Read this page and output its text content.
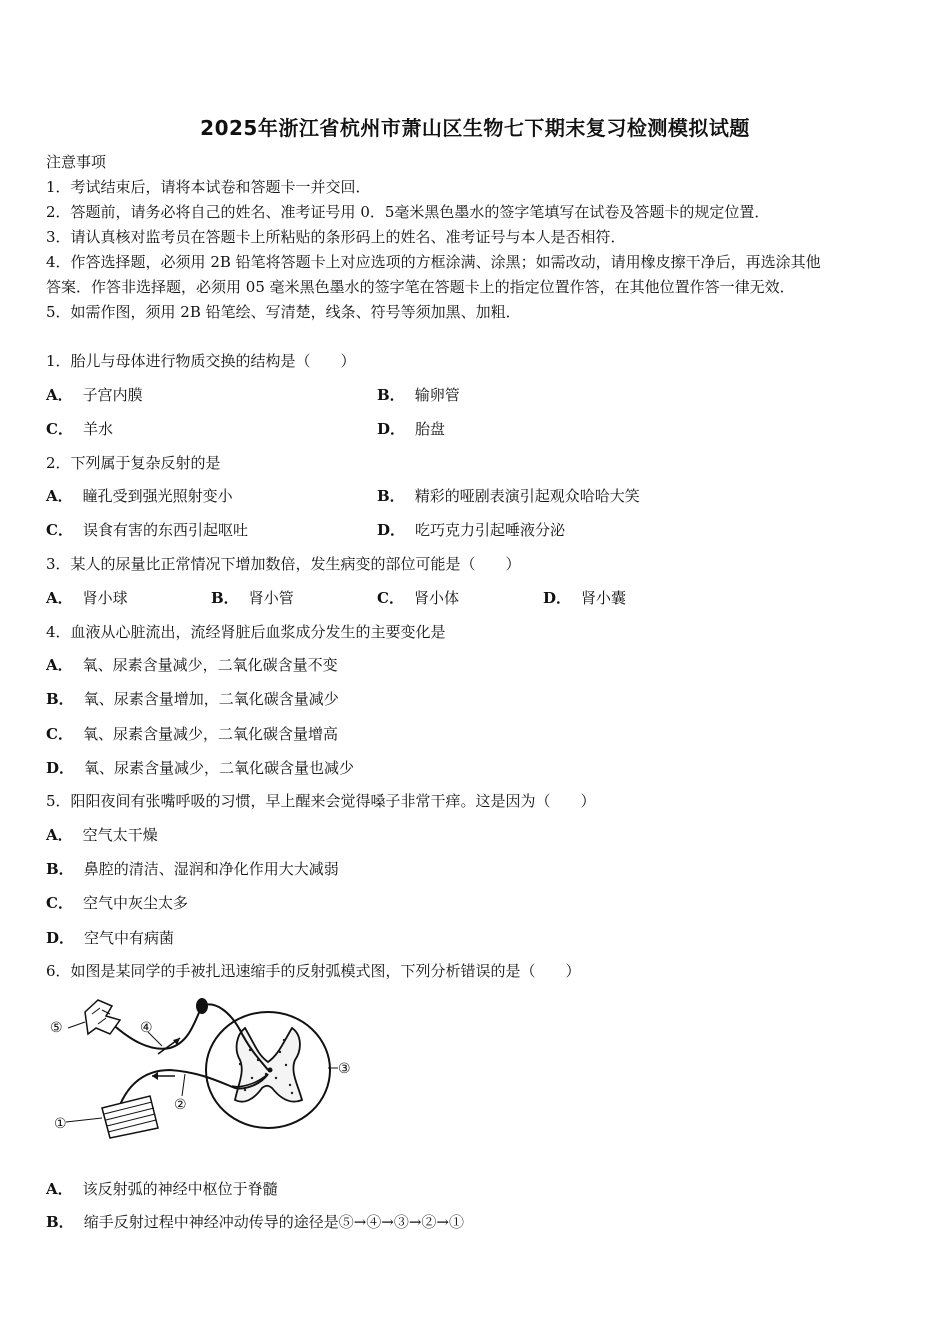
2025年浙江省杭州市萧山区生物七下期末复习检测模拟试题
注意事项
1．考试结束后，请将本试卷和答题卡一并交回．
2．答题前，请务必将自己的姓名、准考证号用 0．5毫米黑色墨水的签字笔填写在试卷及答题卡的规定位置．
3．请认真核对监考员在答题卡上所粘贴的条形码上的姓名、准考证号与本人是否相符．
4．作答选择题，必须用 2B 铅笔将答题卡上对应选项的方框涂满、涂黑；如需改动，请用橡皮擦干净后，再选涂其他
答案．作答非选择题，必须用 05 毫米黑色墨水的签字笔在答题卡上的指定位置作答，在其他位置作答一律无效．
5．如需作图，须用 2B 铅笔绘、写清楚，线条、符号等须加黑、加粗．
1．胎儿与母体进行物质交换的结构是（　　）
A． 子宫内膜	B． 输卵管
C． 羊水	D． 胎盘
2．下列属于复杂反射的是
A． 瞳孔受到强光照射变小	B． 精彩的哑剧表演引起观众哈哈大笑
C． 误食有害的东西引起呕吐	D． 吃巧克力引起唾液分泌
3．某人的尿量比正常情况下增加数倍，发生病变的部位可能是（　　）
A． 肾小球	B． 肾小管	C． 肾小体	D． 肾小囊
4．血液从心脏流出，流经肾脏后血浆成分发生的主要变化是
A． 氧、尿素含量减少，二氧化碳含量不变
B． 氧、尿素含量增加，二氧化碳含量减少
C． 氧、尿素含量减少，二氧化碳含量增高
D． 氧、尿素含量减少，二氧化碳含量也减少
5．阳阳夜间有张嘴呼吸的习惯，早上醒来会觉得嗓子非常干痒。这是因为（　　）
A． 空气太干燥
B． 鼻腔的清洁、湿润和净化作用大大减弱
C． 空气中灰尘太多
D． 空气中有病菌
6．如图是某同学的手被扎迅速缩手的反射弧模式图，下列分析错误的是（　　）
⑤	④
③
②
①
A． 该反射弧的神经中枢位于脊髓
B． 缩手反射过程中神经冲动传导的途径是⑤→④→③→②→①
